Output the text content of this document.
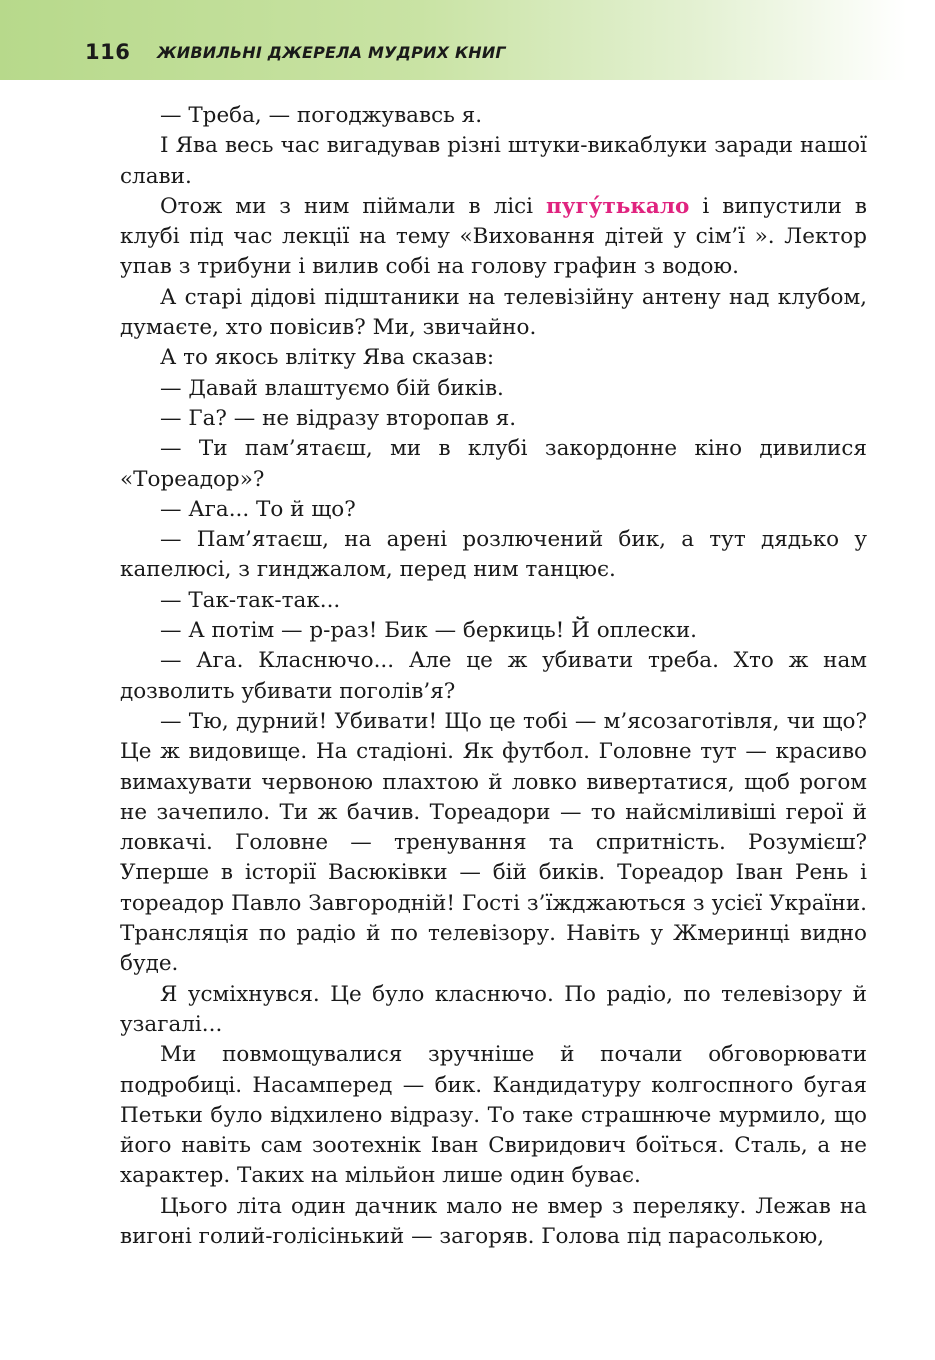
116 ЖИВИЛЬНІ ДЖЕРЕЛА МУДРИХ КНИГ

— Треба, — погоджувавсь я.

І Ява весь час вигадував різні штуки-викаблуки заради нашої слави.

Отож ми з ним піймали в лісі пугу́тькало і випустили в клубі під час лекції на тему «Виховання дітей у сім’ї ». Лектор упав з трибуни і вилив собі на голову графин з водою.

А старі дідові підштаники на телевізійну антену над клубом, думаєте, хто повісив? Ми, звичайно.

А то якось влітку Ява сказав:

— Давай влаштуємо бій биків.

— Га? — не відразу второпав я.

— Ти пам’ятаєш, ми в клубі закордонне кіно дивилися «Тореадор»?

— Ага... То й що?

— Пам’ятаєш, на арені розлючений бик, а тут дядько у капелюсі, з гинджалом, перед ним танцює.

— Так-так-так...

— А потім — р-раз! Бик — беркиць! Й оплески.

— Ага. Класнючо... Але це ж убивати треба. Хто ж нам дозволить убивати поголів’я?

— Тю, дурний! Убивати! Що це тобі — м’ясозаготівля, чи що? Це ж видовище. На стадіоні. Як футбол. Головне тут — красиво вимахувати червоною плахтою й ловко вивертатися, щоб рогом не зачепило. Ти ж бачив. Тореадори — то найсміливіші герої й ловкачі. Головне — тренування та спритність. Розумієш? Уперше в історії Васюківки — бій биків. Тореадор Іван Рень і тореадор Павло Завгородній! Гості з’їжджаються з усієї України. Трансляція по радіо й по телевізору. Навіть у Жмеринці видно буде.

Я усміхнувся. Це було класнючо. По радіо, по телевізору й узагалі...

Ми повмощувалися зручніше й почали обговорювати подробиці. Насамперед — бик. Кандидатуру колгоспного бугая Петьки було відхилено відразу. То таке страшнюче мурмило, що його навіть сам зоотехнік Іван Свиридович боїться. Сталь, а не характер. Таких на мільйон лише один буває.

Цього літа один дачник мало не вмер з переляку. Лежав на вигоні голий-голісінький — загоряв. Голова під парасолькою,
